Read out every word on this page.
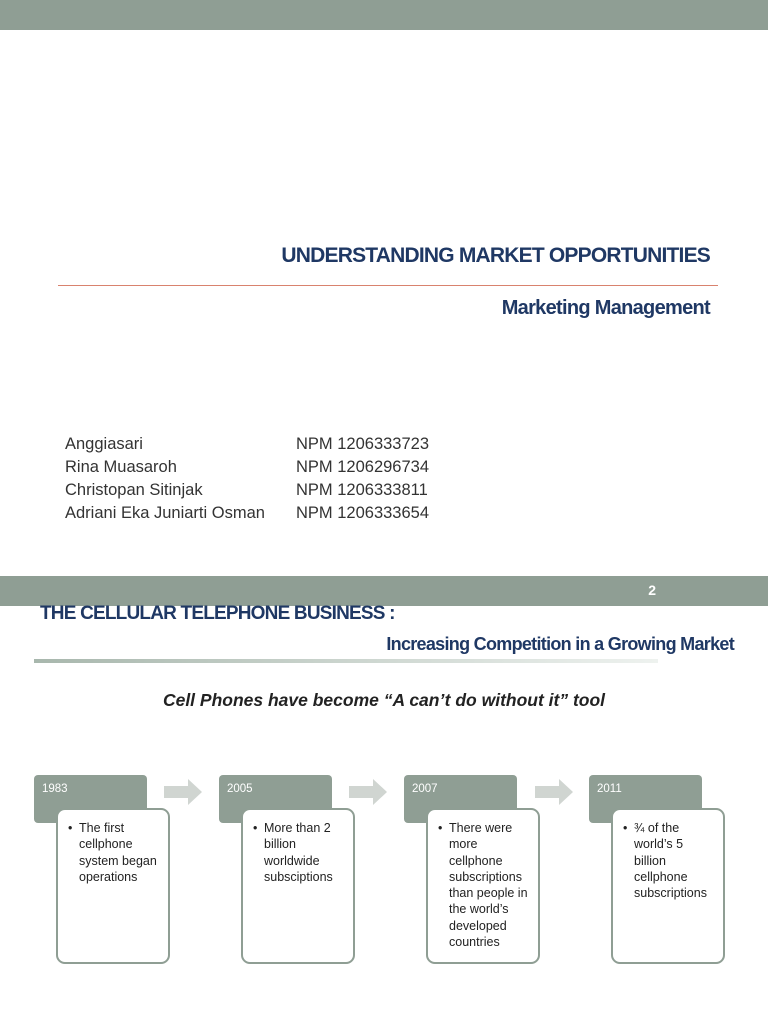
UNDERSTANDING MARKET OPPORTUNITIES
Marketing Management
Anggiasari	NPM 1206333723
Rina Muasaroh	NPM 1206296734
Christopan Sitinjak	NPM 1206333811
Adriani Eka Juniarti Osman NPM 1206333654
2
THE CELLULAR TELEPHONE BUSINESS :
Increasing Competition in a Growing Market
Cell Phones have become “A can’t do without it” tool
1983
• The first cellphone system began operations
2005
• More than 2 billion worldwide subsciptions
2007
• There were more cellphone subscriptions than people in the world’s developed countries
2011
• ¾ of the world’s 5 billion cellphone subscriptions
